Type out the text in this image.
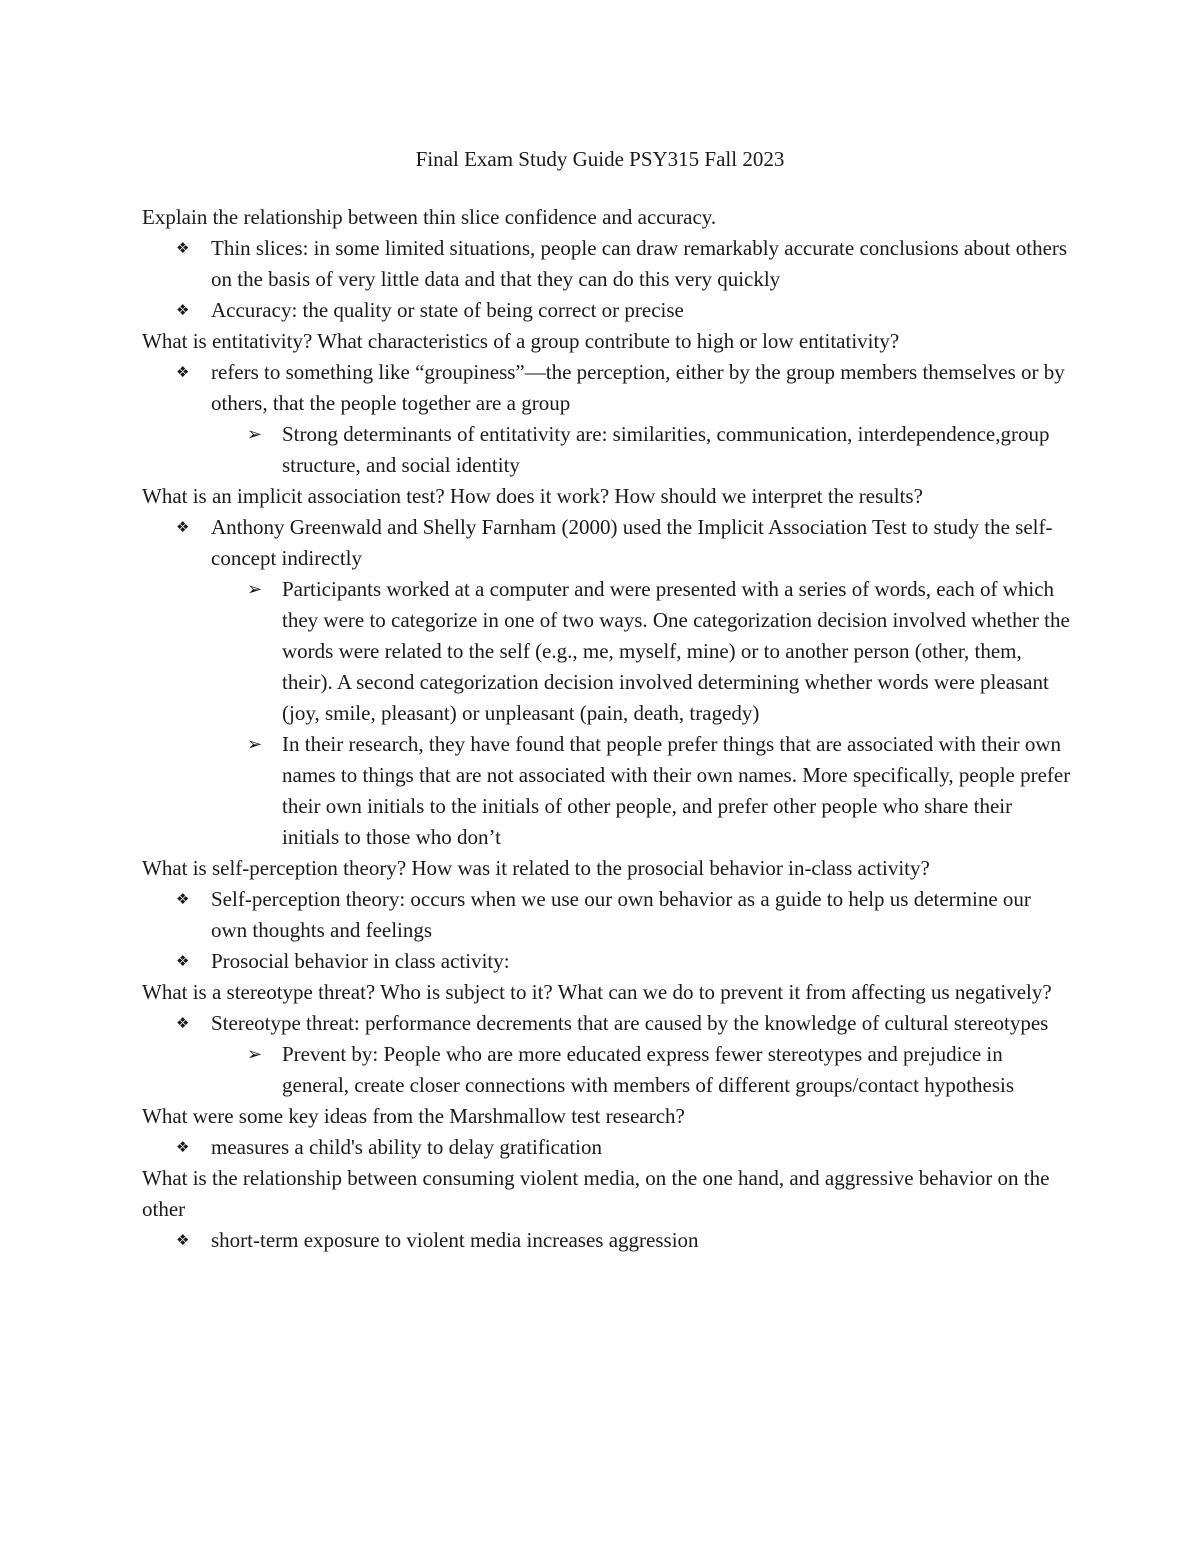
Final Exam Study Guide PSY315 Fall 2023

Explain the relationship between thin slice confidence and accuracy.

❖ Thin slices: in some limited situations, people can draw remarkably accurate conclusions about others on the basis of very little data and that they can do this very quickly

❖ Accuracy: the quality or state of being correct or precise

What is entitativity? What characteristics of a group contribute to high or low entitativity?

❖ refers to something like “groupiness”—the perception, either by the group members themselves or by others, that the people together are a group

➢ Strong determinants of entitativity are: similarities, communication, interdependence,group structure, and social identity

What is an implicit association test? How does it work? How should we interpret the results?

❖ Anthony Greenwald and Shelly Farnham (2000) used the Implicit Association Test to study the self-concept indirectly

➢ Participants worked at a computer and were presented with a series of words, each of which they were to categorize in one of two ways. One categorization decision involved whether the words were related to the self (e.g., me, myself, mine) or to another person (other, them, their). A second categorization decision involved determining whether words were pleasant (joy, smile, pleasant) or unpleasant (pain, death, tragedy)

➢ In their research, they have found that people prefer things that are associated with their own names to things that are not associated with their own names. More specifically, people prefer their own initials to the initials of other people, and prefer other people who share their initials to those who don’t

What is self-perception theory? How was it related to the prosocial behavior in-class activity?

❖ Self-perception theory: occurs when we use our own behavior as a guide to help us determine our own thoughts and feelings

❖ Prosocial behavior in class activity:

What is a stereotype threat? Who is subject to it? What can we do to prevent it from affecting us negatively?

❖ Stereotype threat: performance decrements that are caused by the knowledge of cultural stereotypes

➢ Prevent by: People who are more educated express fewer stereotypes and prejudice in general, create closer connections with members of different groups/contact hypothesis

What were some key ideas from the Marshmallow test research?

❖ measures a child's ability to delay gratification

What is the relationship between consuming violent media, on the one hand, and aggressive behavior on the other

❖ short-term exposure to violent media increases aggression
